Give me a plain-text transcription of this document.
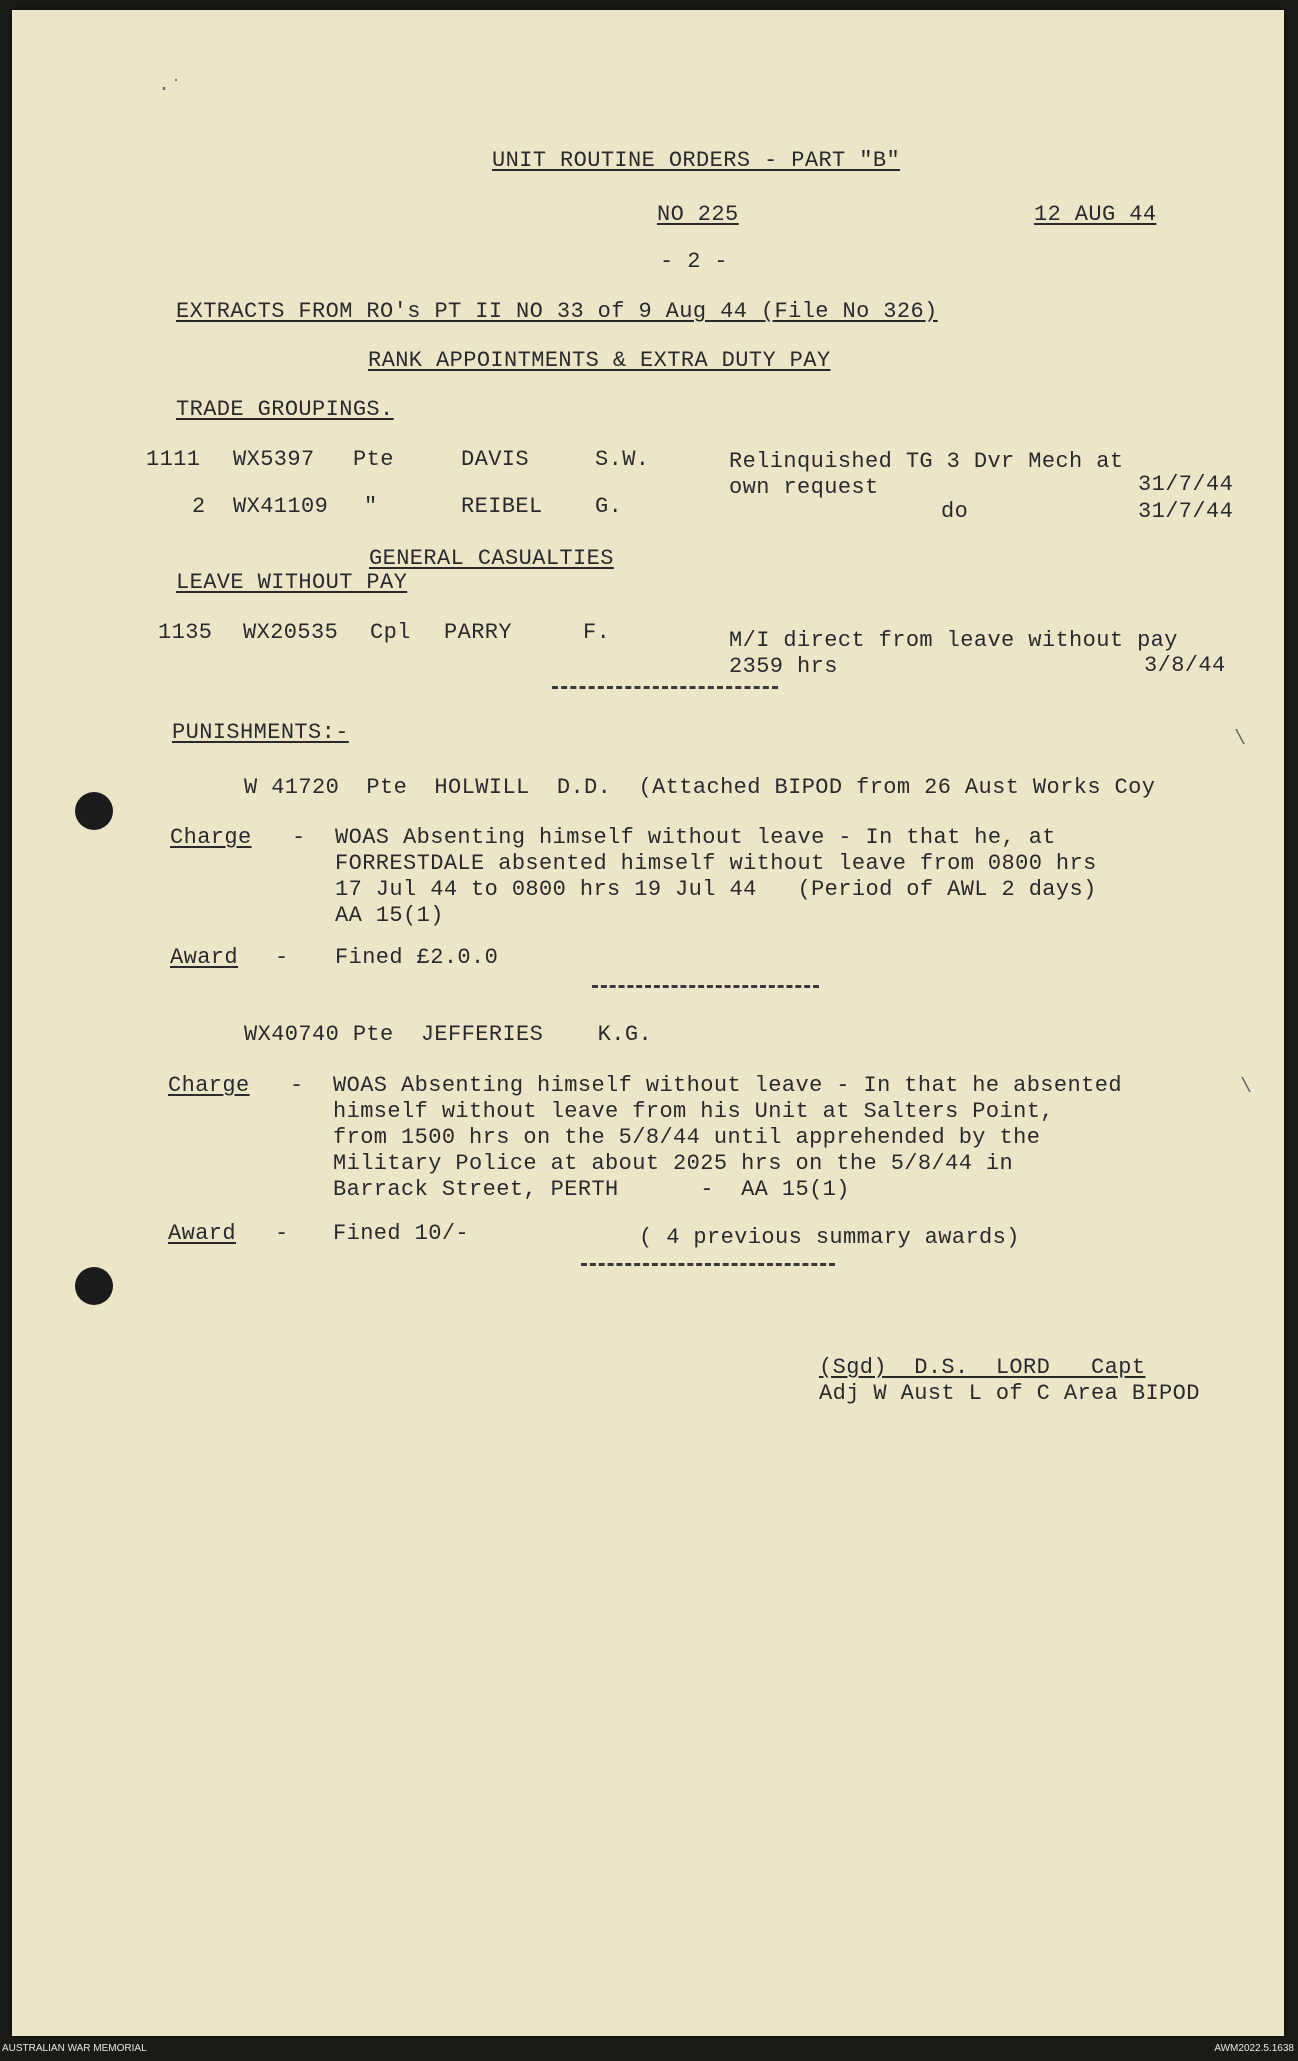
·˙
\
\
UNIT ROUTINE ORDERS - PART "B"
NO 225	12 AUG 44
- 2 -
EXTRACTS FROM RO's PT II NO 33 of 9 Aug 44 (File No 326)
RANK APPOINTMENTS & EXTRA DUTY PAY
TRADE GROUPINGS.
1111 WX5397 Pte	DAVIS	S.W.	Relinquished TG 3 Dvr Mech at
own request	31/7/44
2 WX41109 "	REIBEL G.	do	31/7/44
GENERAL CASUALTIES
LEAVE WITHOUT PAY
1135 WX20535 Cpl PARRY	F.	M/I direct from leave without pay
2359 hrs	3/8/44
PUNISHMENTS:-
W 41720  Pte  HOLWILL  D.D.  (Attached BIPOD from 26 Aust Works Coy
Charge - WOAS Absenting himself without leave - In that he, at
FORRESTDALE absented himself without leave from 0800 hrs
17 Jul 44 to 0800 hrs 19 Jul 44   (Period of AWL 2 days)
AA 15(1)
Award - Fined £2.0.0
WX40740 Pte  JEFFERIES    K.G.
Charge - WOAS Absenting himself without leave - In that he absented
himself without leave from his Unit at Salters Point,
from 1500 hrs on the 5/8/44 until apprehended by the
Military Police at about 2025 hrs on the 5/8/44 in
Barrack Street, PERTH      -  AA 15(1)
Award - Fined 10/-	( 4 previous summary awards)
(Sgd)  D.S.  LORD   Capt
Adj W Aust L of C Area BIPOD
AUSTRALIAN WAR MEMORIAL	AWM2022.5.1638
